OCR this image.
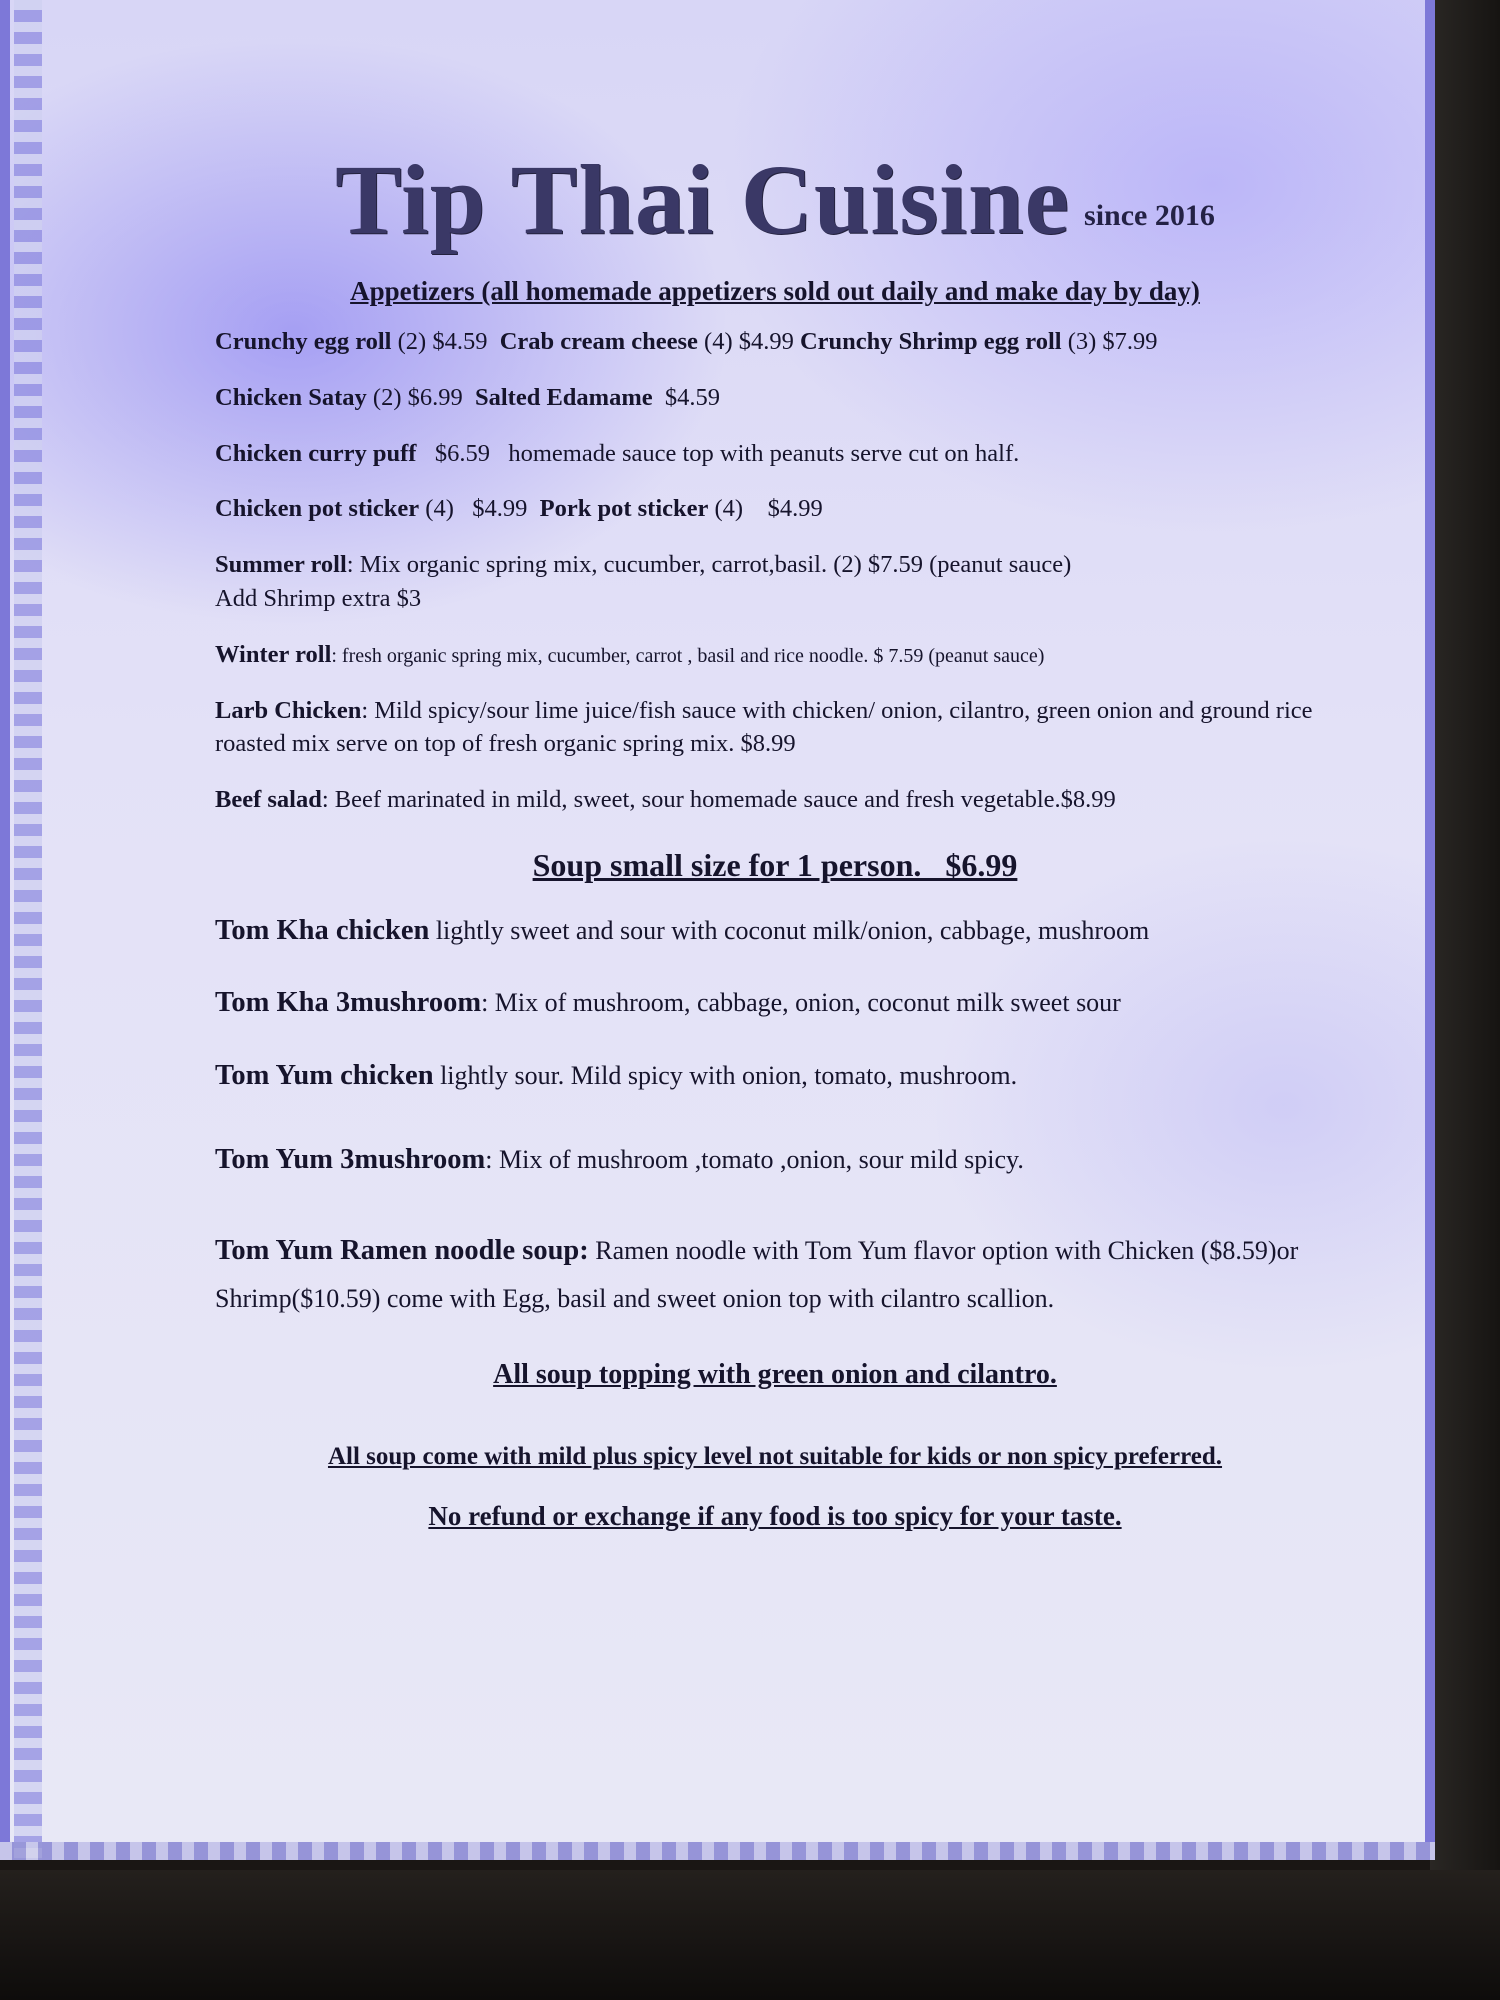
Tip Thai Cuisine since 2016
Appetizers (all homemade appetizers sold out daily and make day by day)
Crunchy egg roll (2) $4.59  Crab cream cheese (4) $4.99 Crunchy Shrimp egg roll (3) $7.99
Chicken Satay (2) $6.99  Salted Edamame  $4.59
Chicken curry puff   $6.59   homemade sauce top with peanuts serve cut on half.
Chicken pot sticker (4)   $4.99  Pork pot sticker (4)    $4.99
Summer roll: Mix organic spring mix, cucumber, carrot,basil. (2) $7.59 (peanut sauce)
Add Shrimp extra $3
Winter roll: fresh organic spring mix, cucumber, carrot , basil and rice noodle. $ 7.59 (peanut sauce)
Larb Chicken: Mild spicy/sour lime juice/fish sauce with chicken/ onion, cilantro, green onion and ground rice roasted mix serve on top of fresh organic spring mix. $8.99
Beef salad: Beef marinated in mild, sweet, sour homemade sauce and fresh vegetable.$8.99
Soup small size for 1 person.   $6.99
Tom Kha chicken lightly sweet and sour with coconut milk/onion, cabbage, mushroom
Tom Kha 3mushroom: Mix of mushroom, cabbage, onion, coconut milk sweet sour
Tom Yum chicken lightly sour. Mild spicy with onion, tomato, mushroom.
Tom Yum 3mushroom: Mix of mushroom ,tomato ,onion, sour mild spicy.
Tom Yum Ramen noodle soup: Ramen noodle with Tom Yum flavor option with Chicken ($8.59)or Shrimp($10.59) come with Egg, basil and sweet onion top with cilantro scallion.
All soup topping with green onion and cilantro.
All soup come with mild plus spicy level not suitable for kids or non spicy preferred.
No refund or exchange if any food is too spicy for your taste.
